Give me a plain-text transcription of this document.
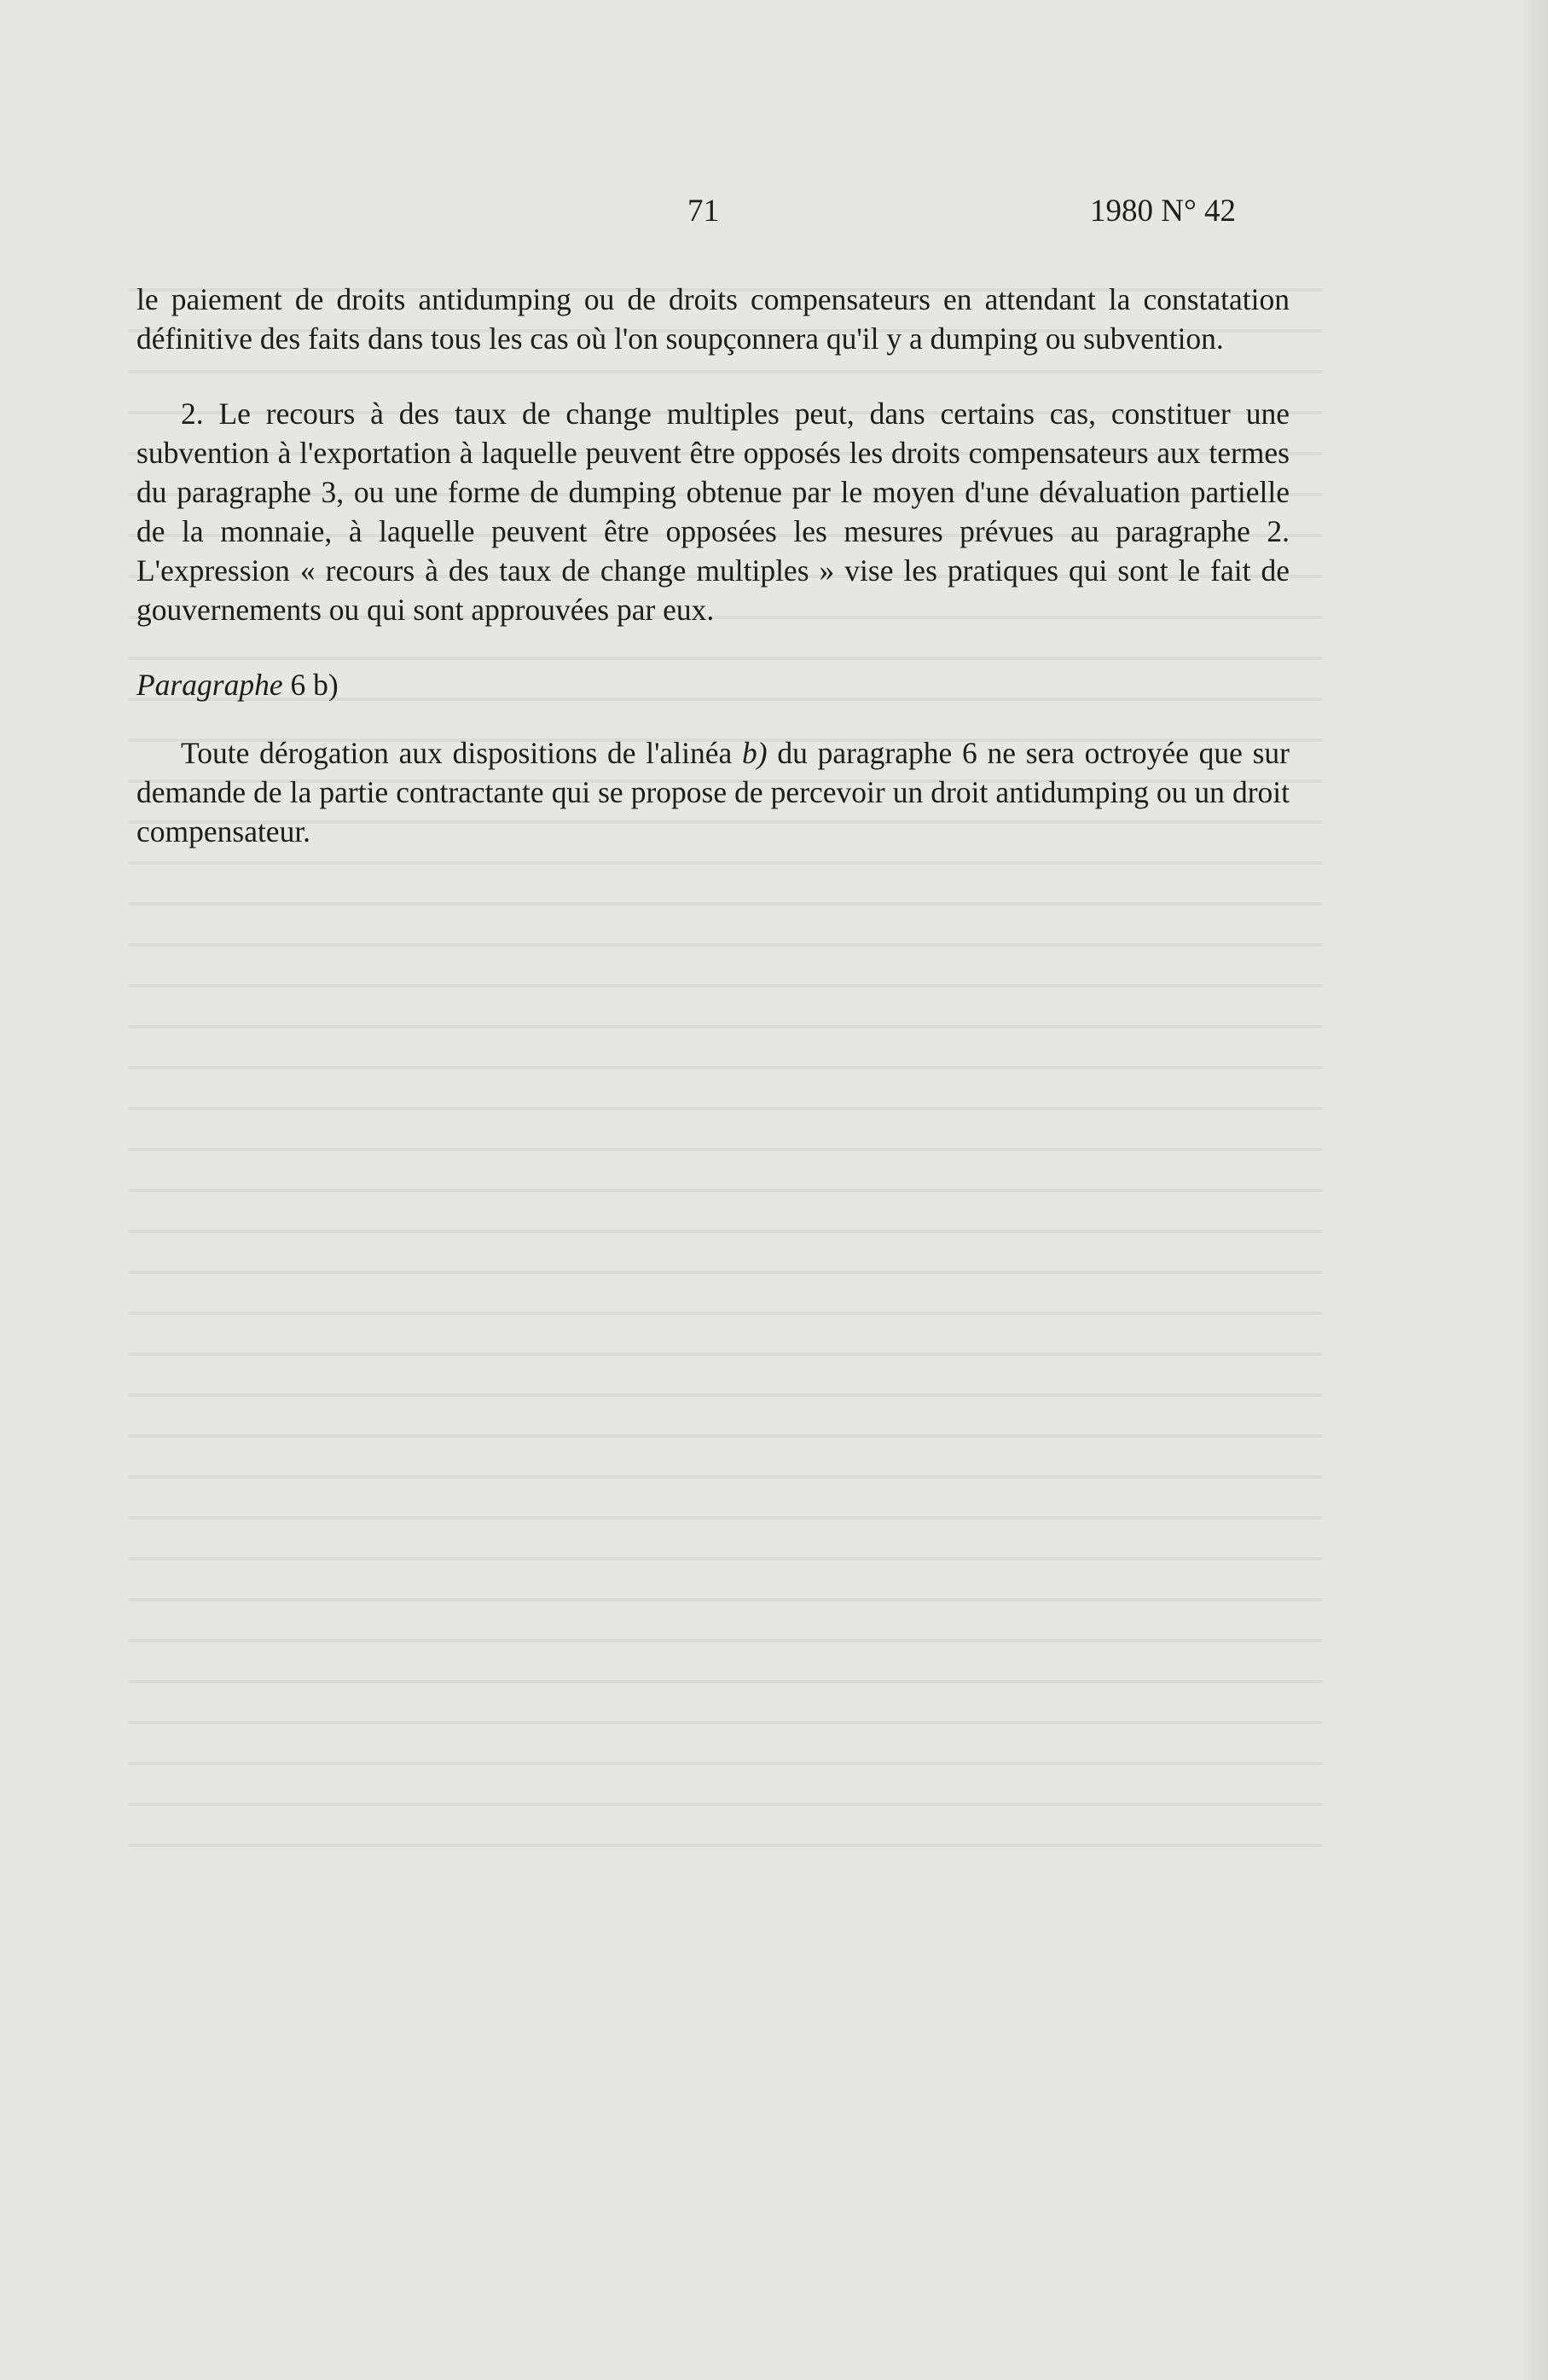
71	1980 N° 42

le paiement de droits antidumping ou de droits compensateurs en attendant la constatation définitive des faits dans tous les cas où l'on soupçonnera qu'il y a dumping ou subvention.

2. Le recours à des taux de change multiples peut, dans certains cas, constituer une subvention à l'exportation à laquelle peuvent être opposés les droits compensateurs aux termes du paragraphe 3, ou une forme de dumping obtenue par le moyen d'une dévaluation partielle de la monnaie, à laquelle peuvent être opposées les mesures prévues au paragraphe 2. L'expression « recours à des taux de change multiples » vise les pratiques qui sont le fait de gouvernements ou qui sont approuvées par eux.

Paragraphe 6 b)

Toute dérogation aux dispositions de l'alinéa b) du paragraphe 6 ne sera octroyée que sur demande de la partie contractante qui se propose de percevoir un droit antidumping ou un droit compensateur.
